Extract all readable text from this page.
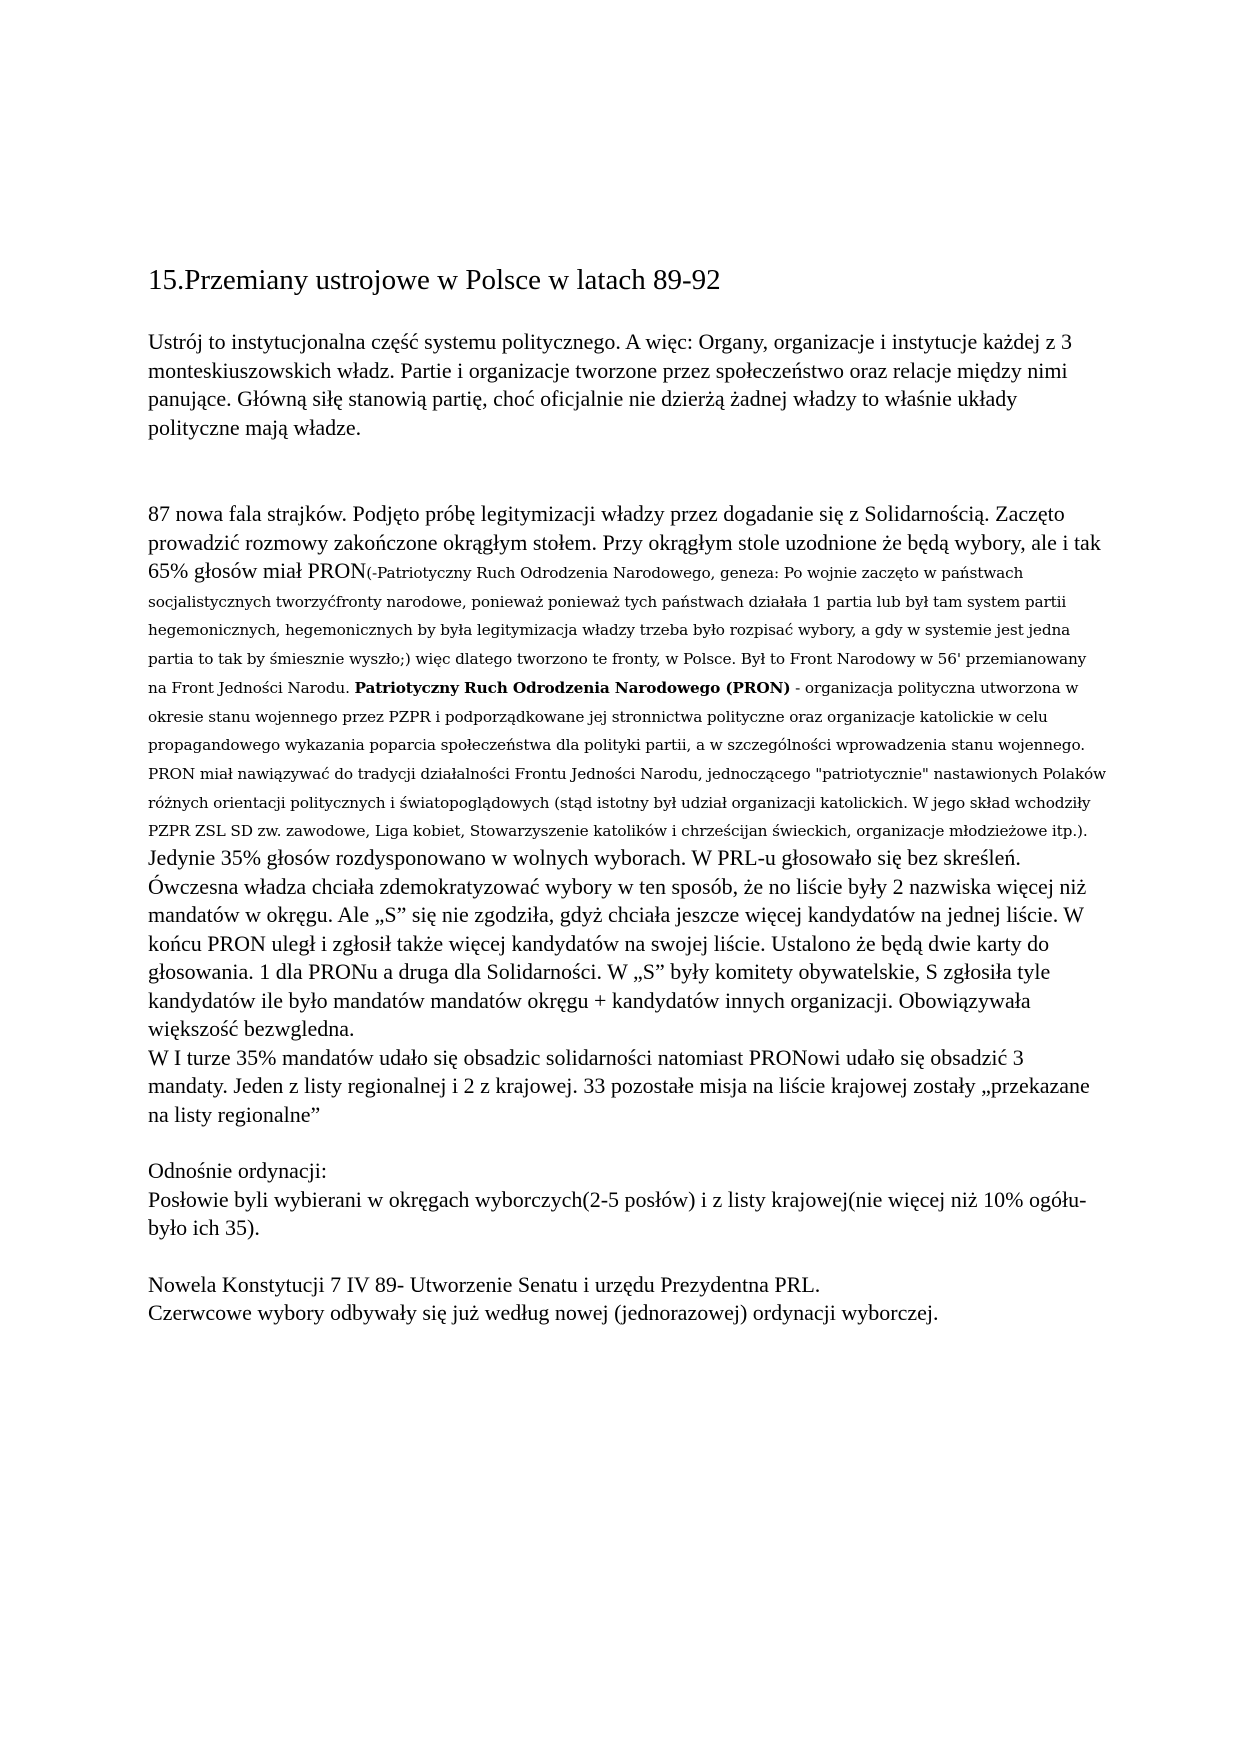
15.Przemiany ustrojowe w Polsce w latach 89-92

Ustrój to instytucjonalna część systemu politycznego. A więc: Organy, organizacje i instytucje każdej z 3 monteskiuszowskich władz. Partie i organizacje tworzone przez społeczeństwo oraz relacje między nimi panujące. Główną siłę stanowią partię, choć oficjalnie nie dzierżą żadnej władzy to właśnie układy polityczne mają władze.

87 nowa fala strajków. Podjęto próbę legitymizacji władzy przez dogadanie się z Solidarnością. Zaczęto prowadzić rozmowy zakończone okrągłym stołem. Przy okrągłym stole uzodnione że będą wybory, ale i tak 65% głosów miał PRON(-Patriotyczny Ruch Odrodzenia Narodowego, geneza: Po wojnie zaczęto w państwach socjalistycznych tworzyćfronty narodowe, ponieważ ponieważ tych państwach działała 1 partia lub był tam system partii hegemonicznych, hegemonicznych by była legitymizacja władzy trzeba było rozpisać wybory, a gdy w systemie jest jedna partia to tak by śmiesznie wyszło;) więc dlatego tworzono te fronty, w Polsce. Był to Front Narodowy w 56' przemianowany na Front Jedności Narodu. Patriotyczny Ruch Odrodzenia Narodowego (PRON) - organizacja polityczna utworzona w okresie stanu wojennego przez PZPR i podporządkowane jej stronnictwa polityczne oraz organizacje katolickie w celu propagandowego wykazania poparcia społeczeństwa dla polityki partii, a w szczególności wprowadzenia stanu wojennego. PRON miał nawiązywać do tradycji działalności Frontu Jedności Narodu, jednoczącego "patriotycznie" nastawionych Polaków różnych orientacji politycznych i światopoglądowych (stąd istotny był udział organizacji katolickich. W jego skład wchodziły PZPR ZSL SD zw. zawodowe, Liga kobiet, Stowarzyszenie katolików i chrześcijan świeckich, organizacje młodzieżowe itp.).

Jedynie 35% głosów rozdysponowano w wolnych wyborach. W PRL-u głosowało się bez skreśleń. Ówczesna władza chciała zdemokratyzować wybory w ten sposób, że no liście były 2 nazwiska więcej niż mandatów w okręgu. Ale „S” się nie zgodziła, gdyż chciała jeszcze więcej kandydatów na jednej liście. W końcu PRON uległ i zgłosił także więcej kandydatów na swojej liście. Ustalono że będą dwie karty do głosowania. 1 dla PRONu a druga dla Solidarności. W „S” były komitety obywatelskie, S zgłosiła tyle kandydatów ile było mandatów mandatów okręgu + kandydatów innych organizacji. Obowiązywała większość bezwgledna.

W I turze 35% mandatów udało się obsadzic solidarności natomiast PRONowi udało się obsadzić 3 mandaty. Jeden z listy regionalnej i 2 z krajowej. 33 pozostałe misja na liście krajowej zostały „przekazane na listy regionalne”

Odnośnie ordynacji:

Posłowie byli wybierani w okręgach wyborczych(2-5 posłów) i z listy krajowej(nie więcej niż 10% ogółu-było ich 35).

Nowela Konstytucji 7 IV 89- Utworzenie Senatu i urzędu Prezydentna PRL.

Czerwcowe wybory odbywały się już według nowej (jednorazowej) ordynacji wyborczej.
